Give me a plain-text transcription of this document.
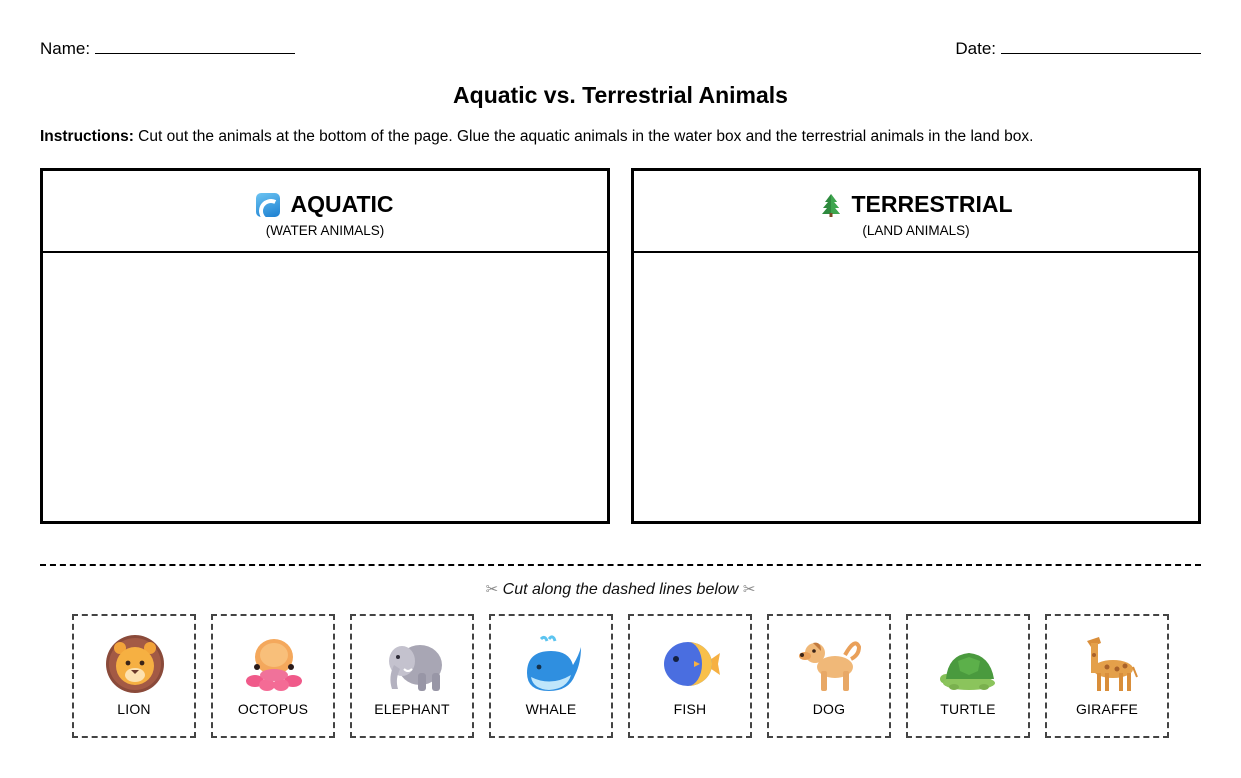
Name:	Date:
Aquatic vs. Terrestrial Animals
Instructions: Cut out the animals at the bottom of the page. Glue the aquatic animals in the water box and the terrestrial animals in the land box.
AQUATIC
(WATER ANIMALS)
TERRESTRIAL
(LAND ANIMALS)
✂ Cut along the dashed lines below ✂
LION	OCTOPUS	ELEPHANT	WHALE	FISH	DOG	TURTLE	GIRAFFE
